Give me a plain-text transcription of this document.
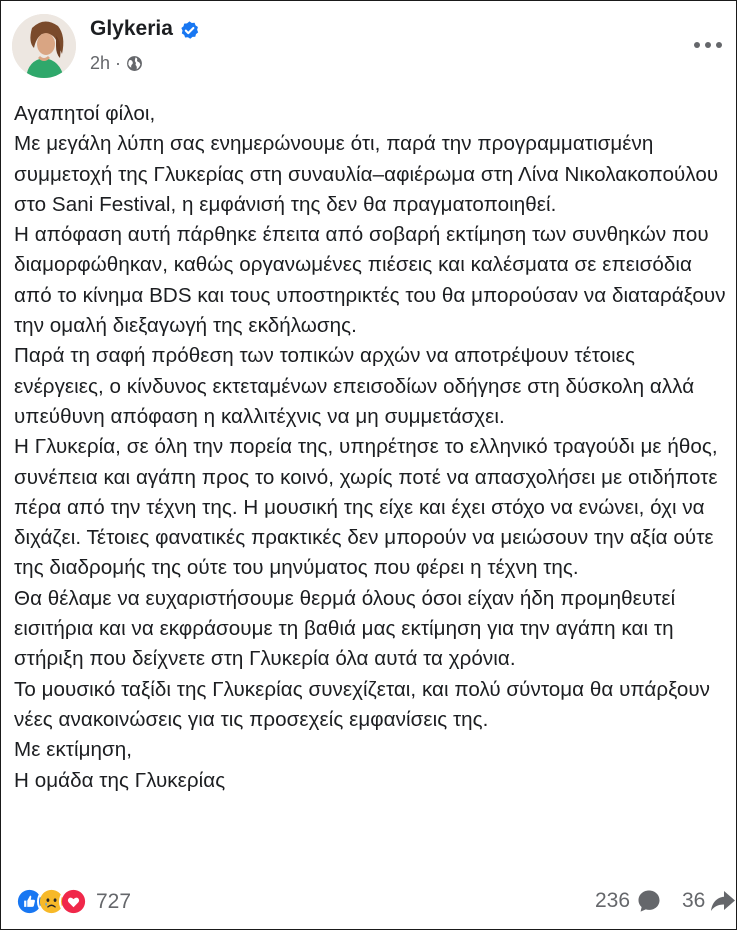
Glykeria
2h ·

Αγαπητοί φίλοι,

Με μεγάλη λύπη σας ενημερώνουμε ότι, παρά την προγραμματισμένη συμμετοχή της Γλυκερίας στη συναυλία–αφιέρωμα στη Λίνα Νικολακοπούλου στο Sani Festival, η εμφάνισή της δεν θα πραγματοποιηθεί.

Η απόφαση αυτή πάρθηκε έπειτα από σοβαρή εκτίμηση των συνθηκών που διαμορφώθηκαν, καθώς οργανωμένες πιέσεις και καλέσματα σε επεισόδια από το κίνημα BDS και τους υποστηρικτές του θα μπορούσαν να διαταράξουν την ομαλή διεξαγωγή της εκδήλωσης.

Παρά τη σαφή πρόθεση των τοπικών αρχών να αποτρέψουν τέτοιες ενέργειες, ο κίνδυνος εκτεταμένων επεισοδίων οδήγησε στη δύσκολη αλλά υπεύθυνη απόφαση η καλλιτέχνις να μη συμμετάσχει.

Η Γλυκερία, σε όλη την πορεία της, υπηρέτησε το ελληνικό τραγούδι με ήθος, συνέπεια και αγάπη προς το κοινό, χωρίς ποτέ να απασχολήσει με οτιδήποτε πέρα από την τέχνη της. Η μουσική της είχε και έχει στόχο να ενώνει, όχι να διχάζει. Τέτοιες φανατικές πρακτικές δεν μπορούν να μειώσουν την αξία ούτε της διαδρομής της ούτε του μηνύματος που φέρει η τέχνη της.

Θα θέλαμε να ευχαριστήσουμε θερμά όλους όσοι είχαν ήδη προμηθευτεί εισιτήρια και να εκφράσουμε τη βαθιά μας εκτίμηση για την αγάπη και τη στήριξη που δείχνετε στη Γλυκερία όλα αυτά τα χρόνια.

Το μουσικό ταξίδι της Γλυκερίας συνεχίζεται, και πολύ σύντομα θα υπάρξουν νέες ανακοινώσεις για τις προσεχείς εμφανίσεις της.

Με εκτίμηση,

Η ομάδα της Γλυκερίας

727	236 36
